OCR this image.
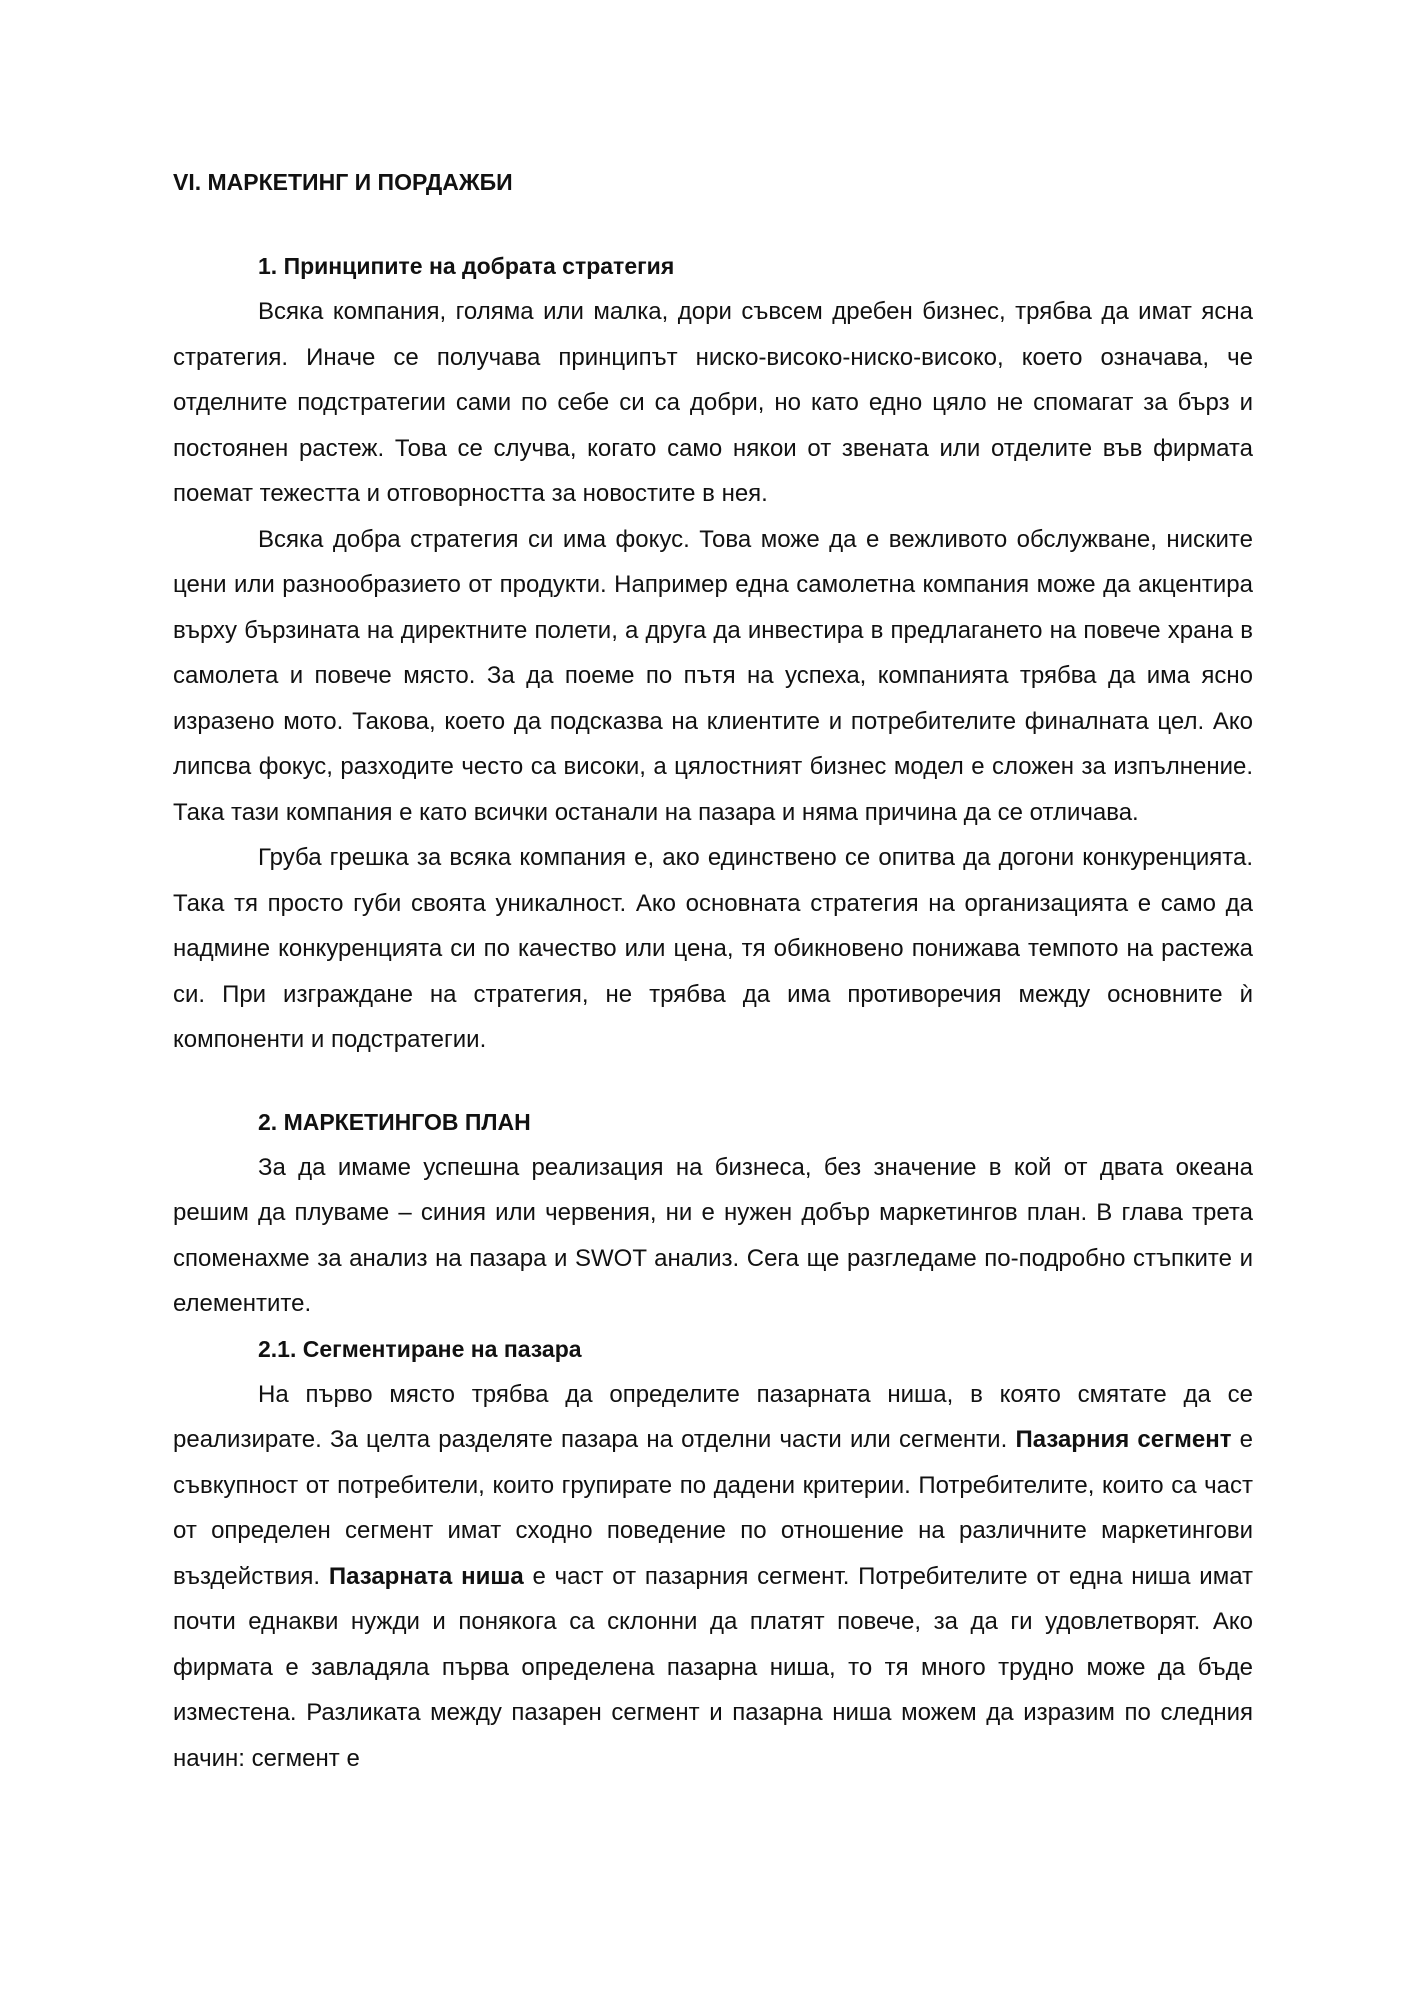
VI. МАРКЕТИНГ И ПОРДАЖБИ
1. Принципите на добрата стратегия

Всяка компания, голяма или малка, дори съвсем дребен бизнес, трябва да имат ясна стратегия. Иначе се получава принципът ниско-високо-ниско-високо, което означава, че отделните подстратегии сами по себе си са добри, но като едно цяло не спомагат за бърз и постоянен растеж. Това се случва, когато само някои от звената или отделите във фирмата поемат тежестта и отговорността за новостите в нея.

Всяка добра стратегия си има фокус. Това може да е вежливото обслужване, ниските цени или разнообразието от продукти. Например една самолетна компания може да акцентира върху бързината на директните полети, а друга да инвестира в предлагането на повече храна в самолета и повече място. За да поеме по пътя на успеха, компанията трябва да има ясно изразено мото. Такова, което да подсказва на клиентите и потребителите финалната цел. Ако липсва фокус, разходите често са високи, а цялостният бизнес модел е сложен за изпълнение. Така тази компания е като всички останали на пазара и няма причина да се отличава.

Груба грешка за всяка компания е, ако единствено се опитва да догони конкуренцията. Така тя просто губи своята уникалност. Ако основната стратегия на организацията е само да надмине конкуренцията си по качество или цена, тя обикновено понижава темпото на растежа си. При изграждане на стратегия, не трябва да има противоречия между основните ѝ компоненти и подстратегии.

2. МАРКЕТИНГОВ ПЛАН

За да имаме успешна реализация на бизнеса, без значение в кой от двата океана решим да плуваме – синия или червения, ни е нужен добър маркетингов план. В глава трета споменахме за анализ на пазара и SWOT анализ. Сега ще разгледаме по-подробно стъпките и елементите.

2.1. Сегментиране на пазара

На първо място трябва да определите пазарната ниша, в която смятате да се реализирате. За целта разделяте пазара на отделни части или сегменти. Пазарния сегмент е съвкупност от потребители, които групирате по дадени критерии. Потребителите, които са част от определен сегмент имат сходно поведение по отношение на различните маркетингови въздействия. Пазарната ниша е част от пазарния сегмент. Потребителите от една ниша имат почти еднакви нужди и понякога са склонни да платят повече, за да ги удовлетворят. Ако фирмата е завладяла първа определена пазарна ниша, то тя много трудно може да бъде изместена. Разликата между пазарен сегмент и пазарна ниша можем да изразим по следния начин: сегмент е
